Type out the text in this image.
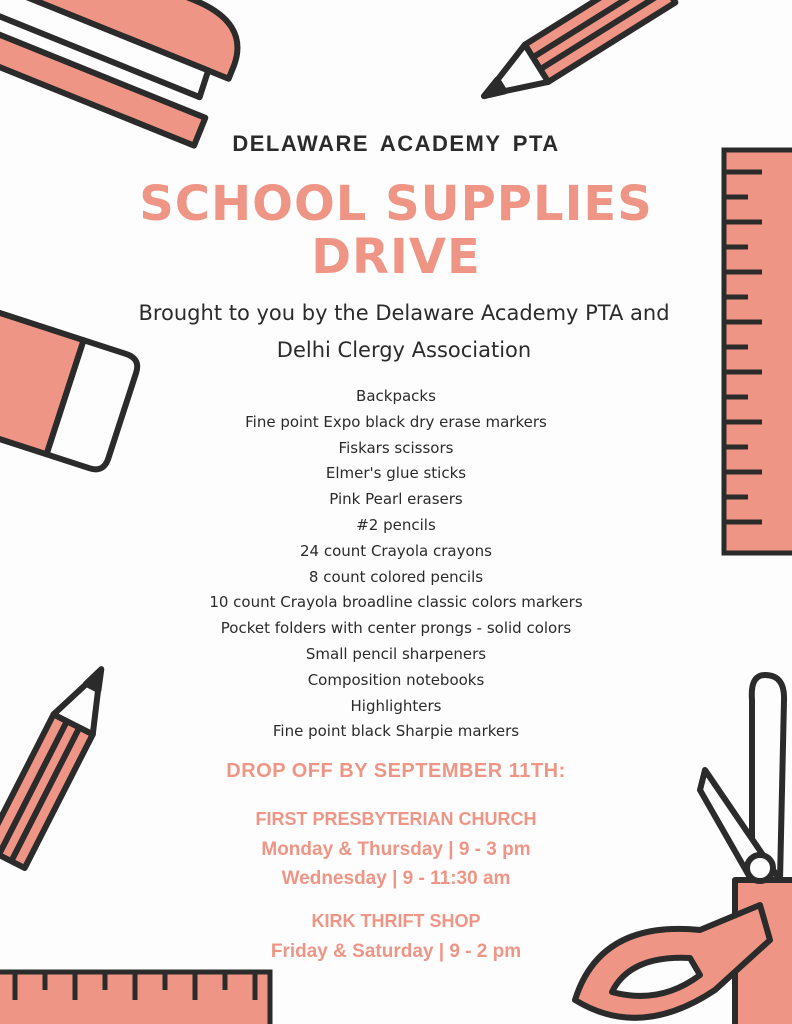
DELAWARE ACADEMY PTA

SCHOOL SUPPLIES
DRIVE

Brought to you by the Delaware Academy PTA and
Delhi Clergy Association

Backpacks
Fine point Expo black dry erase markers
Fiskars scissors
Elmer's glue sticks
Pink Pearl erasers
#2 pencils
24 count Crayola crayons
8 count colored pencils
10 count Crayola broadline classic colors markers
Pocket folders with center prongs - solid colors
Small pencil sharpeners
Composition notebooks
Highlighters
Fine point black Sharpie markers

DROP OFF BY SEPTEMBER 11TH:

FIRST PRESBYTERIAN CHURCH

Monday & Thursday | 9 - 3 pm

Wednesday | 9 - 11:30 am

KIRK THRIFT SHOP

Friday & Saturday | 9 - 2 pm
